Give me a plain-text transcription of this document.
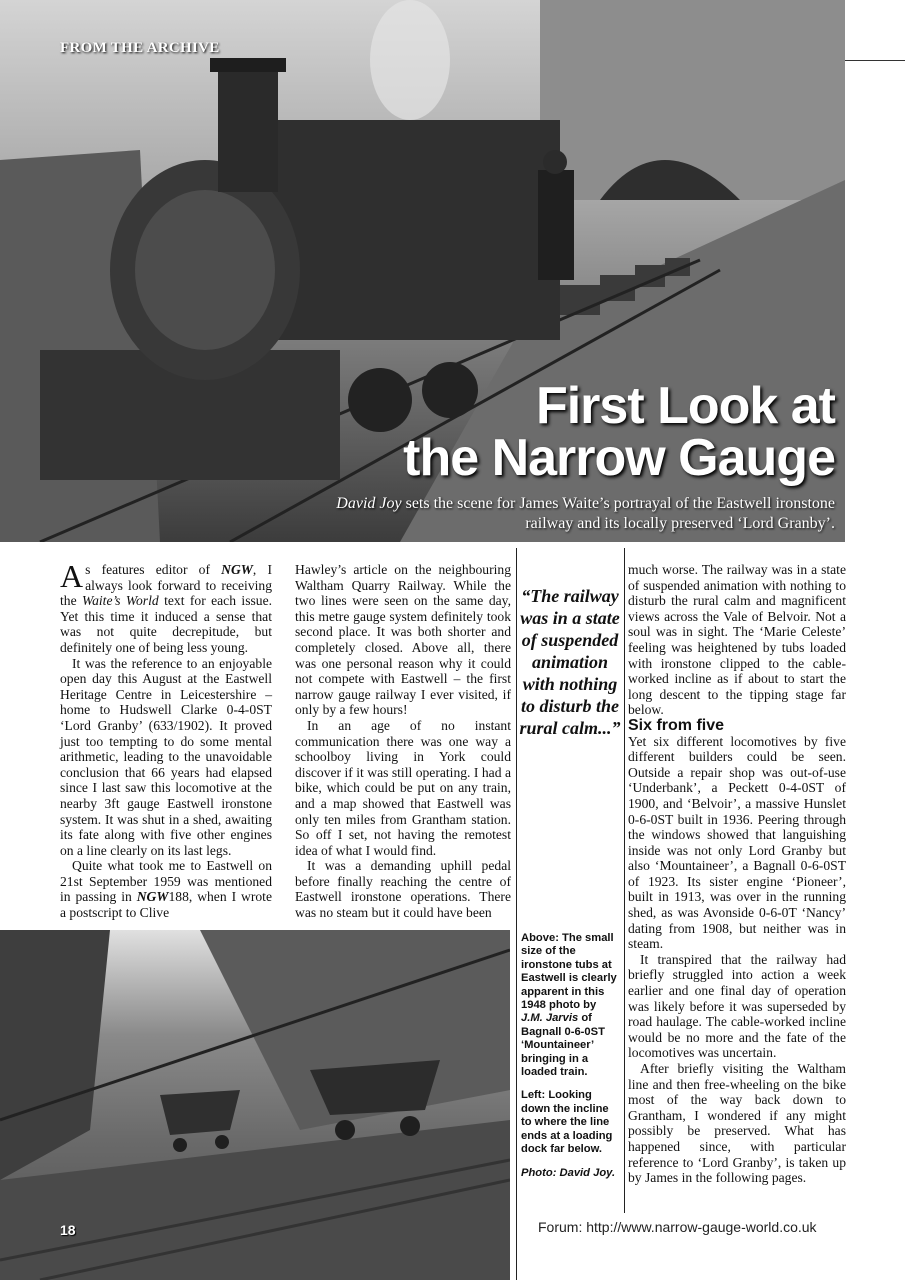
FROM THE ARCHIVE
First Look at
the Narrow Gauge
David Joy sets the scene for James Waite’s portrayal of the Eastwell ironstone railway and its locally preserved ‘Lord Granby’.

As features editor of NGW, I always look forward to receiving the Waite’s World text for each issue. Yet this time it induced a sense that was not quite decrepitude, but definitely one of being less young.

It was the reference to an enjoyable open day this August at the Eastwell Heritage Centre in Leicestershire – home to Hudswell Clarke 0-4-0ST ‘Lord Granby’ (633/1902). It proved just too tempting to do some mental arithmetic, leading to the unavoidable conclusion that 66 years had elapsed since I last saw this locomotive at the nearby 3ft gauge Eastwell ironstone system. It was shut in a shed, awaiting its fate along with five other engines on a line clearly on its last legs.

Quite what took me to Eastwell on 21st September 1959 was mentioned in passing in NGW188, when I wrote a postscript to Clive

Hawley’s article on the neighbouring Waltham Quarry Railway. While the two lines were seen on the same day, this metre gauge system definitely took second place. It was both shorter and completely closed. Above all, there was one personal reason why it could not compete with Eastwell – the first narrow gauge railway I ever visited, if only by a few hours!

In an age of no instant communication there was one way a schoolboy living in York could discover if it was still operating. I had a bike, which could be put on any train, and a map showed that Eastwell was only ten miles from Grantham station. So off I set, not having the remotest idea of what I would find.

It was a demanding uphill pedal before finally reaching the centre of Eastwell ironstone operations. There was no steam but it could have been

“The railway was in a state of suspended animation with nothing to disturb the rural calm...”

Above: The small size of the ironstone tubs at Eastwell is clearly apparent in this 1948 photo by J.M. Jarvis of Bagnall 0-6-0ST ‘Mountaineer’ bringing in a loaded train.

Left: Looking down the incline to where the line ends at a loading dock far below.

Photo: David Joy.

much worse. The railway was in a state of suspended animation with nothing to disturb the rural calm and magnificent views across the Vale of Belvoir. Not a soul was in sight. The ‘Marie Celeste’ feeling was heightened by tubs loaded with ironstone clipped to the cable-worked incline as if about to start the long descent to the tipping stage far below.

Six from five

Yet six different locomotives by five different builders could be seen. Outside a repair shop was out-of-use ‘Underbank’, a Peckett 0-4-0ST of 1900, and ‘Belvoir’, a massive Hunslet 0-6-0ST built in 1936. Peering through the windows showed that languishing inside was not only Lord Granby but also ‘Mountaineer’, a Bagnall 0-6-0ST of 1923. Its sister engine ‘Pioneer’, built in 1913, was over in the running shed, as was Avonside 0-6-0T ‘Nancy’ dating from 1908, but neither was in steam.

It transpired that the railway had briefly struggled into action a week earlier and one final day of operation was likely before it was superseded by road haulage. The cable-worked incline would be no more and the fate of the locomotives was uncertain.

After briefly visiting the Waltham line and then free-wheeling on the bike most of the way back down to Grantham, I wondered if any might possibly be preserved. What has happened since, with particular reference to ‘Lord Granby’, is taken up by James in the following pages.

18	Forum: http://www.narrow-gauge-world.co.uk
